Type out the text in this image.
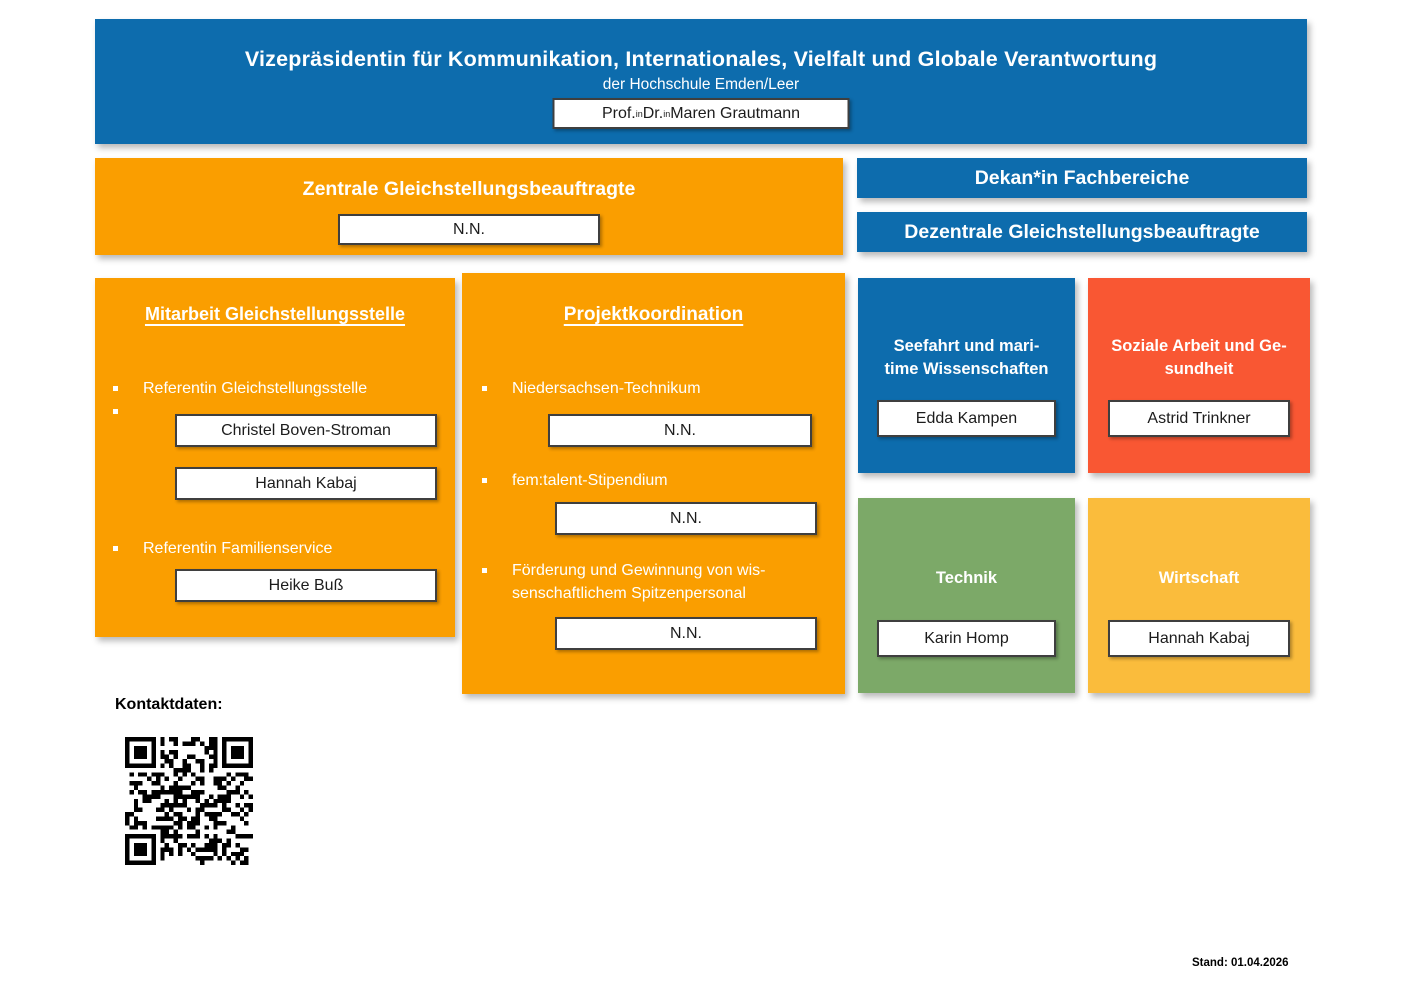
Vizepräsidentin für Kommunikation, Internationales, Vielfalt und Globale Verantwortung
der Hochschule Emden/Leer
Prof. in Dr. in Maren Grautmann
Zentrale Gleichstellungsbeauftragte
N.N.
Dekan*in Fachbereiche
Dezentrale Gleichstellungsbeauftragte
Mitarbeit Gleichstellungsstelle
Referentin Gleichstellungsstelle
Christel Boven-Stroman
Hannah Kabaj
Referentin Familienservice
Heike Buß
Projektkoordination
Niedersachsen-Technikum
N.N.
fem:talent-Stipendium
N.N.
Förderung und Gewinnung von wis-
senschaftlichem Spitzenpersonal
N.N.
Seefahrt und mari-
time Wissenschaften
Edda Kampen
Soziale Arbeit und Ge-
sundheit
Astrid Trinkner
Technik
Karin Homp
Wirtschaft
Hannah Kabaj
Kontaktdaten:
Stand: 01.04.2026
